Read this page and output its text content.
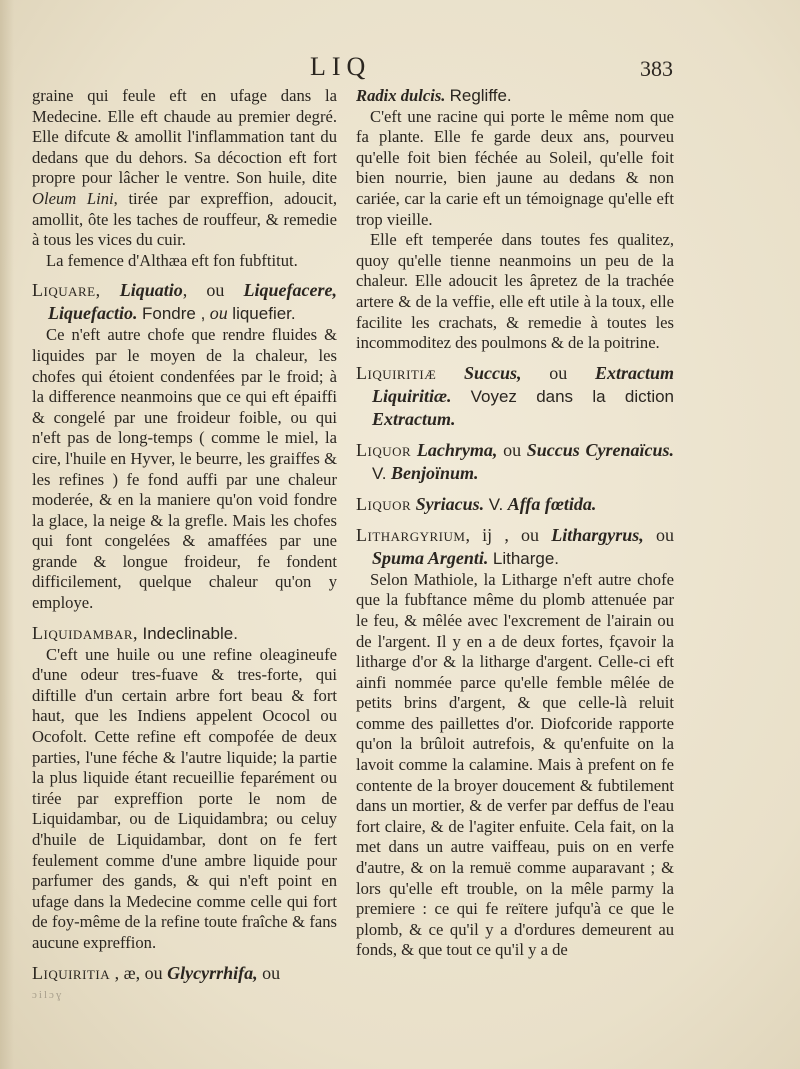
LIQ	383

graine qui feule eft en ufage dans la Medecine. Elle eft chaude au premier degré. Elle difcute & amollit l'inflammation tant du dedans que du dehors. Sa décoction eft fort propre pour lâcher le ventre. Son huile, dite Oleum Lini, tirée par expreffion, adoucit, amollit, ôte les taches de rouffeur, & remedie à tous les vices du cuir.

La femence d'Althæa eft fon fubftitut.

Liquare, Liquatio, ou Liquefacere, Liquefactio. Fondre , ou liquefier.

Ce n'eft autre chofe que rendre fluides & liquides par le moyen de la chaleur, les chofes qui étoient condenfées par le froid; à la difference neanmoins que ce qui eft épaiffi & congelé par une froideur foible, ou qui n'eft pas de long-temps ( comme le miel, la cire, l'huile en Hyver, le beurre, les graiffes & les refines ) fe fond auffi par une chaleur moderée, & en la maniere qu'on void fondre la glace, la neige & la grefle. Mais les chofes qui font congelées & amaffées par une grande & longue froideur, fe fondent difficilement, quelque chaleur qu'on y employe.

Liquidambar, Indeclinable.

C'eft une huile ou une refine oleagineufe d'une odeur tres-fuave & tres-forte, qui diftille d'un certain arbre fort beau & fort haut, que les Indiens appelent Ococol ou Ocofolt. Cette refine eft compofée de deux parties, l'une féche & l'autre liquide; la partie la plus liquide étant recueillie feparément ou tirée par expreffion porte le nom de Liquidambar, ou de Liquidambra; ou celuy d'huile de Liquidambar, dont on fe fert feulement comme d'une ambre liquide pour parfumer des gands, & qui n'eft point en ufage dans la Medecine comme celle qui fort de foy-même de la refine toute fraîche & fans aucune expreffion.

Liquiritia , æ, ou Glycyrrhifa, ou

ɔilɔɣ

Radix dulcis. Regliffe.

C'eft une racine qui porte le même nom que fa plante. Elle fe garde deux ans, pourveu qu'elle foit bien féchée au Soleil, qu'elle foit bien nourrie, bien jaune au dedans & non cariée, car la carie eft un témoignage qu'elle eft trop vieille.

Elle eft temperée dans toutes fes qualitez, quoy qu'elle tienne neanmoins un peu de la chaleur. Elle adoucit les âpretez de la trachée artere & de la veffie, elle eft utile à la toux, elle facilite les crachats, & remedie à toutes les incommoditez des poulmons & de la poitrine.

Liquiritiæ Succus, ou Extractum Liquiritiæ. Voyez dans la diction Extractum.

Liquor Lachryma, ou Succus Cyrenaïcus. V. Benjoïnum.

Liquor Syriacus. V. Affa fœtida.

Lithargyrium, ij , ou Lithargyrus, ou Spuma Argenti. Litharge.

Selon Mathiole, la Litharge n'eft autre chofe que la fubftance même du plomb attenuée par le feu, & mêlée avec l'excrement de l'airain ou de l'argent. Il y en a de deux fortes, fçavoir la litharge d'or & la litharge d'argent. Celle-ci eft ainfi nommée parce qu'elle femble mêlée de petits brins d'argent, & que celle-là reluit comme des paillettes d'or. Diofcoride rapporte qu'on la brûloit autrefois, & qu'enfuite on la lavoit comme la calamine. Mais à prefent on fe contente de la broyer doucement & fubtilement dans un mortier, & de verfer par deffus de l'eau fort claire, & de l'agiter enfuite. Cela fait, on la met dans un autre vaiffeau, puis on en verfe d'autre, & on la remuë comme auparavant ; & lors qu'elle eft trouble, on la mêle parmy la premiere : ce qui fe reïtere jufqu'à ce que le plomb, & ce qu'il y a d'ordures demeurent au fonds, & que tout ce qu'il y a de
